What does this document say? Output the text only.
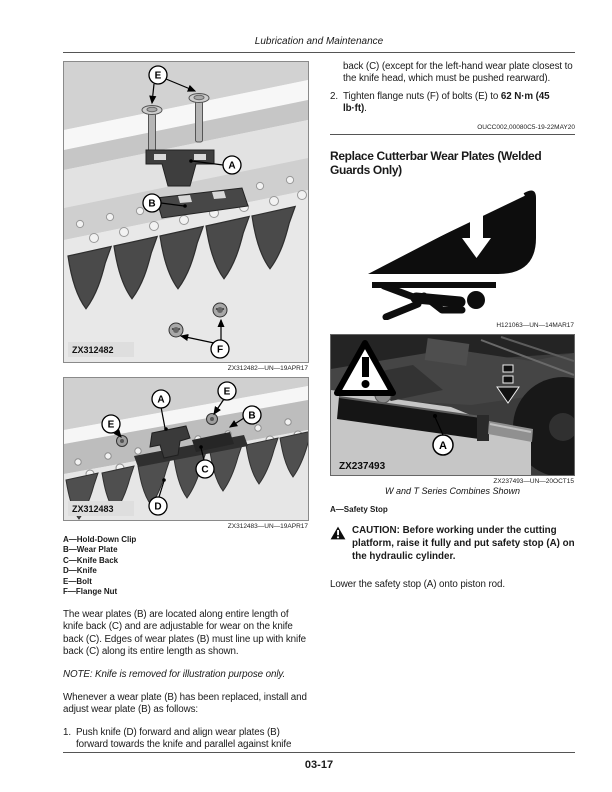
Lubrication and Maintenance
E
A
B
F
ZX312482
ZX312482—UN—19APR17
A
E
B
E
C
D
ZX312483
ZX312483—UN—19APR17
A—Hold-Down Clip
B—Wear Plate
C—Knife Back
D—Knife
E—Bolt
F—Flange Nut

The wear plates (B) are located along entire length of knife back (C) and are adjustable for wear on the knife back (C). Edges of wear plates (B) must line up with knife back (C) along its entire length as shown.

NOTE: Knife is removed for illustration purpose only.

Whenever a wear plate (B) has been replaced, install and adjust wear plate (B) as follows:

1. Push knife (D) forward and align wear plates (B) forward towards the knife and parallel against knife

back (C) (except for the left-hand wear plate closest to the knife head, which must be pushed rearward).

2. Tighten flange nuts (F) of bolts (E) to 62 N·m (45 lb·ft).
OUCC002,00080C5-19-22MAY20
Replace Cutterbar Wear Plates (Welded Guards Only)
H121063—UN—14MAR17
A
ZX237493
ZX237493—UN—20OCT15
W and T Series Combines Shown
A—Safety Stop
CAUTION: Before working under the cutting platform, raise it fully and put safety stop (A) on the hydraulic cylinder.

Lower the safety stop (A) onto piston rod.

03-17
